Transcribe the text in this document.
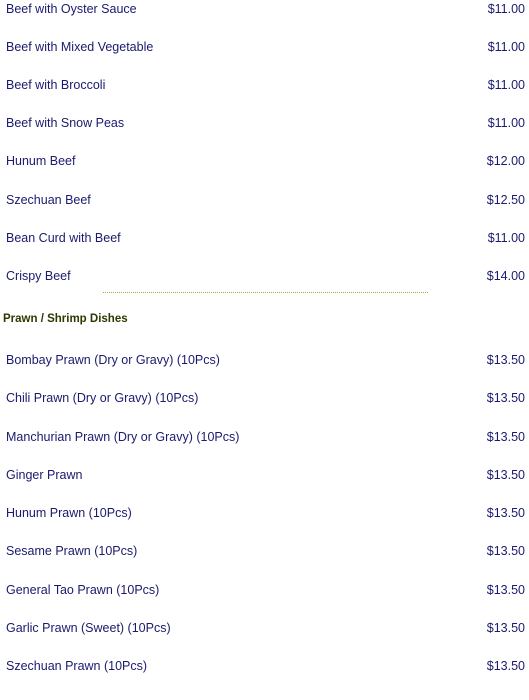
Beef with Oyster Sauce	$11.00
Beef with Mixed Vegetable	$11.00
Beef with Broccoli	$11.00
Beef with Snow Peas	$11.00
Hunum Beef	$12.00
Szechuan Beef	$12.50
Bean Curd with Beef	$11.00
Crispy Beef	$14.00
Prawn / Shrimp Dishes
Bombay Prawn (Dry or Gravy) (10Pcs)	$13.50
Chili Prawn (Dry or Gravy) (10Pcs)	$13.50
Manchurian Prawn (Dry or Gravy) (10Pcs)	$13.50
Ginger Prawn	$13.50
Hunum Prawn (10Pcs)	$13.50
Sesame Prawn (10Pcs)	$13.50
General Tao Prawn (10Pcs)	$13.50
Garlic Prawn (Sweet) (10Pcs)	$13.50
Szechuan Prawn (10Pcs)	$13.50
